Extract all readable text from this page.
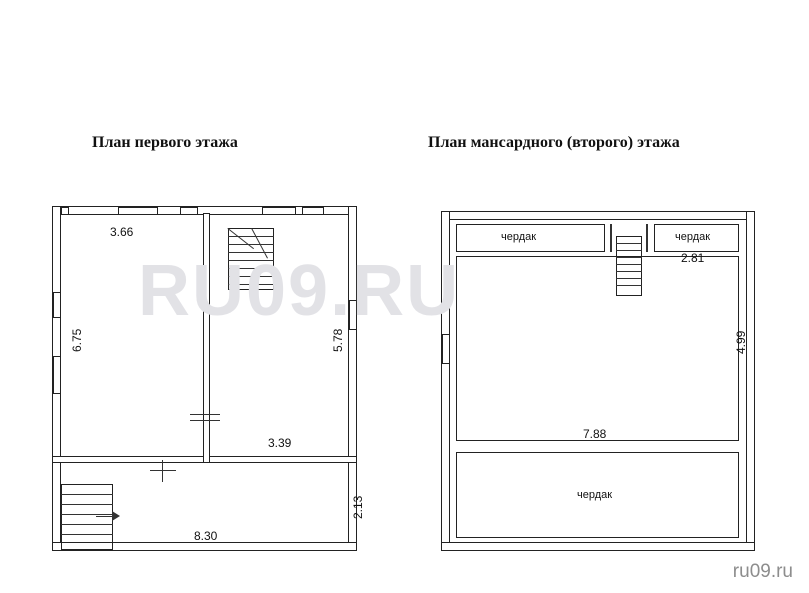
RU09.RU
План первого этажа	План мансардного (второго) этажа
3.66
6.75	5.78
3.39
8.30
2.13
чердак	чердак
чердак
2.81
4.99
7.88
ru09.ru
